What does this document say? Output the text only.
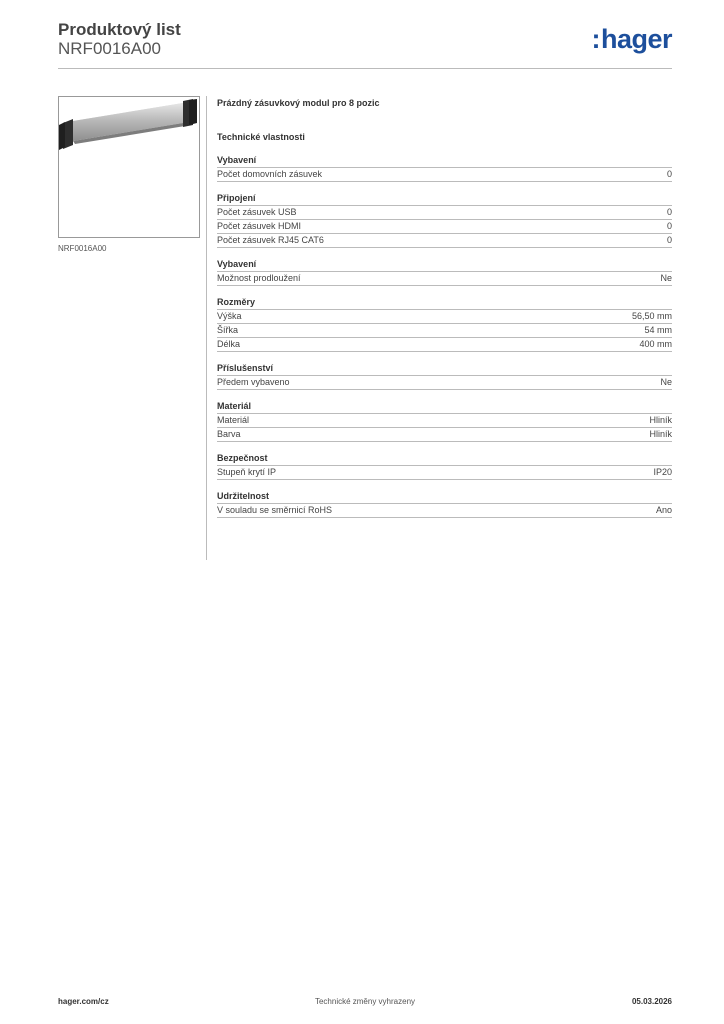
Produktový list
NRF0016A00	:hager
NRF0016A00
Prázdný zásuvkový modul pro 8 pozic
Technické vlastnosti
Vybavení
Počet domovních zásuvek	0
Připojení
Počet zásuvek USB	0
Počet zásuvek HDMI	0
Počet zásuvek RJ45 CAT6	0
Vybavení
Možnost prodloužení	Ne
Rozměry
Výška	56,50 mm
Šířka	54 mm
Délka	400 mm
Příslušenství
Předem vybaveno	Ne
Materiál
Materiál	Hliník
Barva	Hliník
Bezpečnost
Stupeň krytí IP	IP20
Udržitelnost
V souladu se směrnicí RoHS	Ano
hager.com/cz	Technické změny vyhrazeny	05.03.2026
